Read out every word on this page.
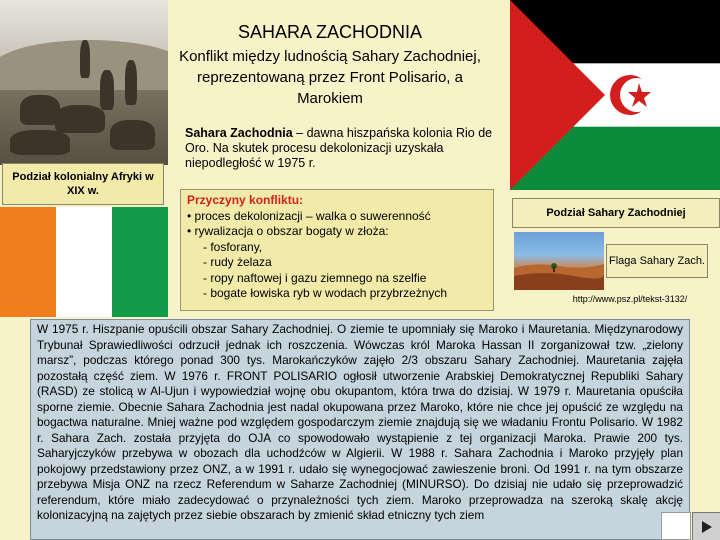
Podział kolonialny Afryki w XIX w.
SAHARA ZACHODNIA
Konflikt między ludnością Sahary Zachodniej, reprezentowaną przez Front Polisario, a Marokiem
Sahara Zachodnia – dawna hiszpańska kolonia Rio de Oro. Na skutek procesu dekolonizacji uzyskała niepodległość w 1975 r.
Przyczyny konfliktu:
• proces dekolonizacji – walka o suwerenność
• rywalizacja o obszar bogaty w złoża:
- fosforany,
- rudy żelaza
- ropy naftowej i gazu ziemnego na szelfie
- bogate łowiska ryb w wodach przybrzeżnych
Podział Sahary Zachodniej
Flaga Sahary Zach.
http://www.psz.pl/tekst-3132/
W 1975 r. Hiszpanie opuścili obszar Sahary Zachodniej. O ziemie te upomniały się Maroko i Mauretania. Międzynarodowy Trybunał Sprawiedliwości odrzucił jednak ich roszczenia. Wówczas król Maroka Hassan II zorganizował tzw. „zielony marsz”, podczas którego ponad 300 tys. Marokańczyków zajęło 2/3 obszaru Sahary Zachodniej. Mauretania zajęła pozostałą część ziem. W 1976 r. FRONT POLISARIO ogłosił utworzenie Arabskiej Demokratycznej Republiki Sahary (RASD) ze stolicą w Al-Ujun i wypowiedział wojnę obu okupantom, która trwa do dzisiaj. W 1979 r. Mauretania opuściła sporne ziemie. Obecnie Sahara Zachodnia jest nadal okupowana przez Maroko, które nie chce jej opuścić ze względu na bogactwa naturalne. Mniej ważne pod względem gospodarczym ziemie znajdują się we władaniu Frontu Polisario. W 1982 r. Sahara Zach. została przyjęta do OJA co spowodowało wystąpienie z tej organizacji Maroka. Prawie 200 tys. Saharyjczyków przebywa w obozach dla uchodźców w Algierii. W 1988 r. Sahara Zachodnia i Maroko przyjęły plan pokojowy przedstawiony przez ONZ, a w 1991 r. udało się wynegocjować zawieszenie broni. Od 1991 r. na tym obszarze przebywa Misja ONZ na rzecz Referendum w Saharze Zachodniej (MINURSO). Do dzisiaj nie udało się przeprowadzić referendum, które miało zadecydować o przynależności tych ziem. Maroko przeprowadza na szeroką skalę akcję kolonizacyjną na zajętych przez siebie obszarach by zmienić skład etniczny tych ziem
